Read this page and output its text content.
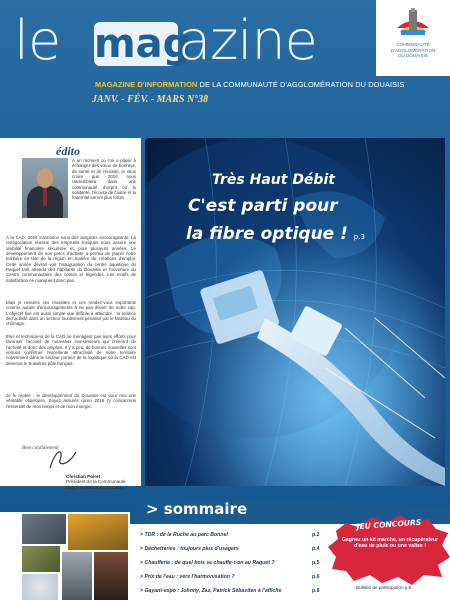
le mag
azine
MAGAZINE D'INFORMATION DE LA COMMUNAUTÉ D'AGGLOMÉRATION DU DOUAISIS
JANV. - FÉV. - MARS N°38
COMMUNAUTÉ
D'AGGLOMÉRATION
DU DOUAISIS
édito
À un moment où l'on a plaisir à échanger des vœux de bonheur, de santé et de réussite, je veux croire que 2016 nous rassemblera dans une communauté d'esprit où la solidarité, l'écoute de l'autre et la fraternité seront plus fortes.
À la CAD, 2016 s'annonce sous des auspices encourageants. La renégociation réussie des emprunts toxiques nous assure une visibilité financière sécurisée et, pour plusieurs années. Le développement de nos parcs d'activité a permis de placer notre territoire en tête de la région en matière de créations d'emploi. Cette année devrait voir l'inauguration du centre aquatique du Raquet tant attendu des habitants du Douaisis et l'ouverture du Centre communautaire des contes et légendes. Les motifs de satisfaction ne manquent donc pas.
Mais je ressens ces réussites et ces rendez-vous importants comme autant d'encouragements à ne pas dévier de notre cap. L'objectif fixé est aussi simple que difficile à atteindre : la relance de l'activité dans un secteur lourdement pénalisé par le fardeau du chômage.
Élus et techniciens de la CAD ne ménagent pas leurs efforts pour favoriser l'accueil de nouveaux investisseurs qui créeront de l'activité et donc des emplois. Il y a peu, de bonnes nouvelles sont venues confirmer l'excellente attractivité de notre territoire notamment dans le secteur porteur de la logistique où la CAD est devenue le troisième pôle français.
Je le répète : le développement du Douaisis est pour moi une véritable obsession. Soyez assurés qu'en 2016 j'y consacrerai l'essentiel de mon temps et de mon énergie.
Bien cordialement
Christian Poiret
Président de la Communauté d'agglomération du Douaisis
Très Haut Débit
C'est parti pour
la fibre optique ! p.3
> sommaire
> TDR : de la Ruche au parc Bonnel	p.2
> Déchetteries : toujours plus d'usagers	p.4
> Chaufferie : de quel bois se chauffe-t-on au Raquet ?	p.5
> Prix de l'eau : vers l'harmonisation ?	p.6
> Gayant-expo : Johnny, Zaz, Patrick Sébastien à l'affiche	p.8
JEU CONCOURS
Gagnez un kit marche, un récupérateur d'eau de pluie ou une valise !
Bulletin de participation p.8
